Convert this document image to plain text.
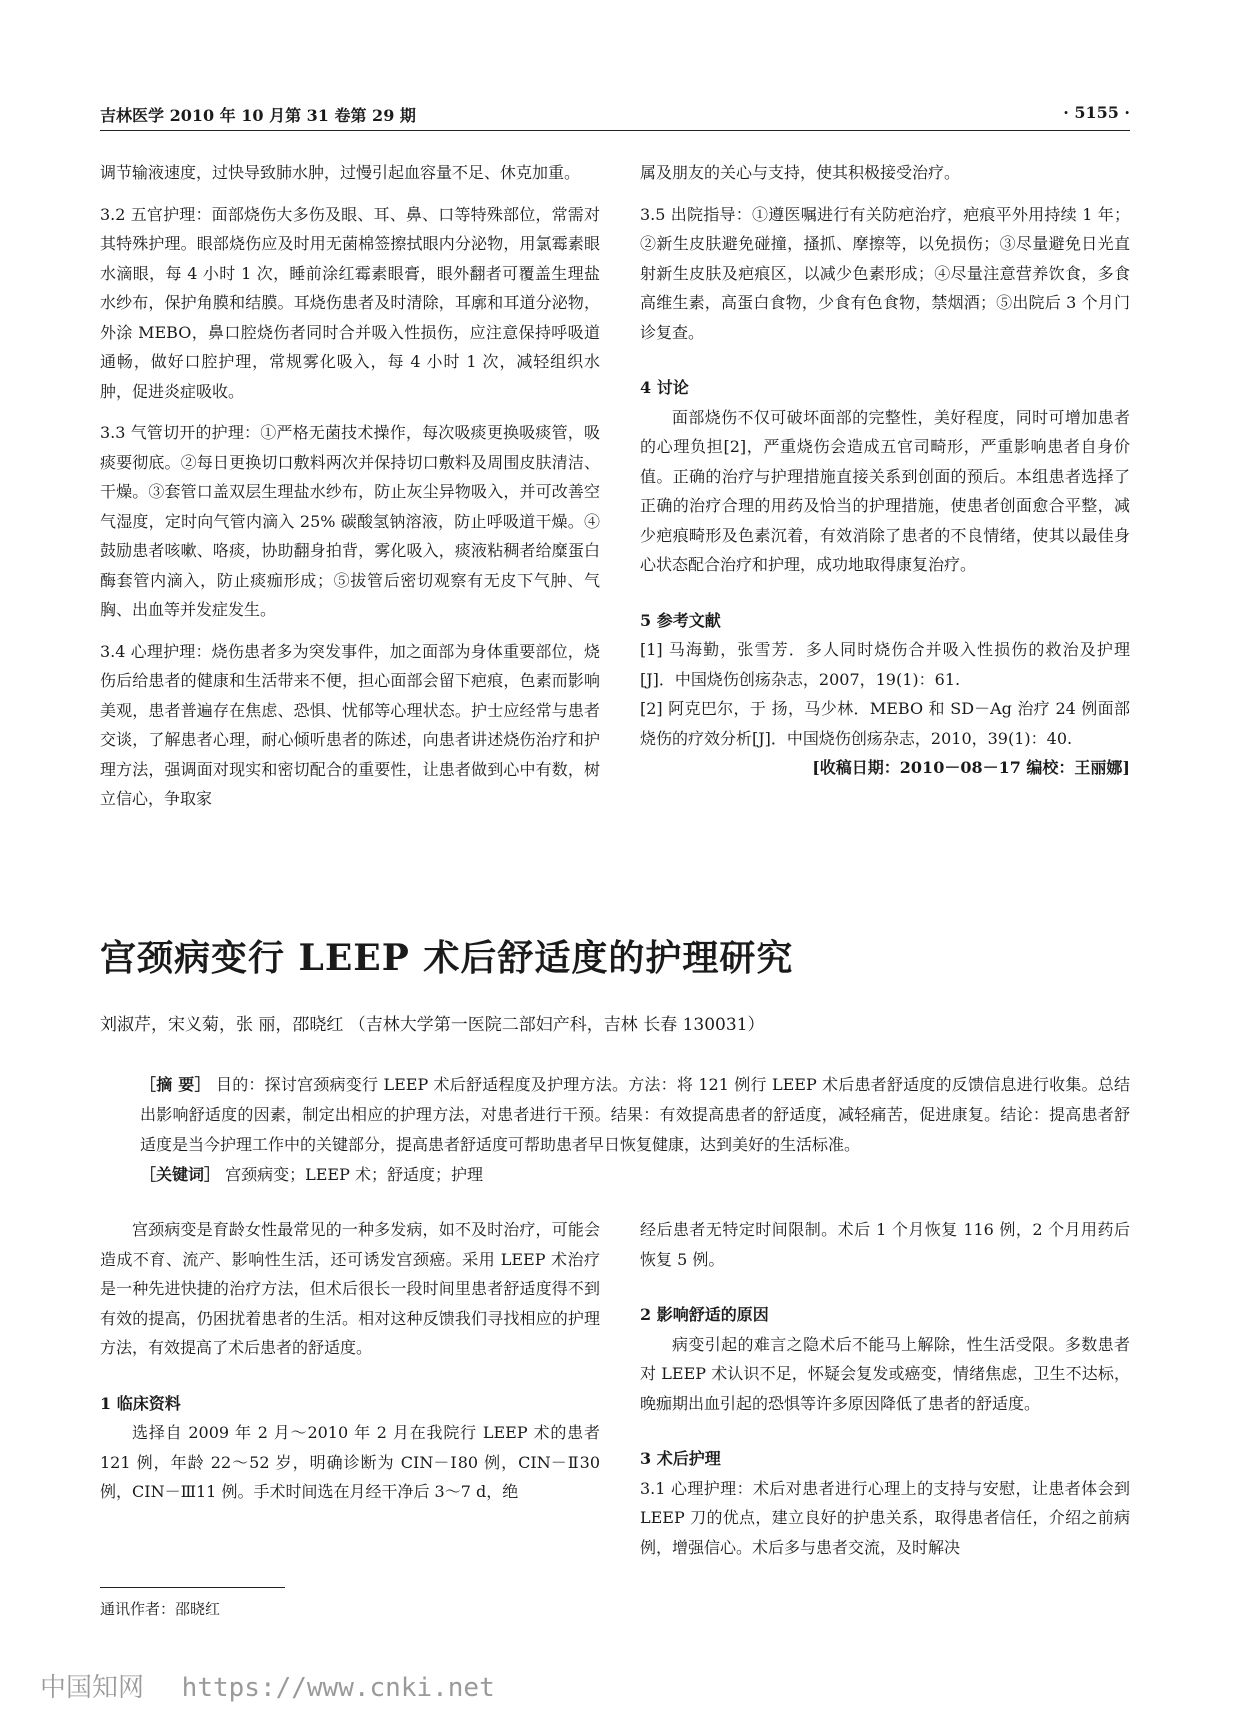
吉林医学 2010 年 10 月第 31 卷第 29 期	· 5155 ·

调节输液速度，过快导致肺水肿，过慢引起血容量不足、休克加重。

3.2 五官护理：面部烧伤大多伤及眼、耳、鼻、口等特殊部位，常需对其特殊护理。眼部烧伤应及时用无菌棉签擦拭眼内分泌物，用氯霉素眼水滴眼，每 4 小时 1 次，睡前涂红霉素眼膏，眼外翻者可覆盖生理盐水纱布，保护角膜和结膜。耳烧伤患者及时清除，耳廓和耳道分泌物，外涂 MEBO，鼻口腔烧伤者同时合并吸入性损伤，应注意保持呼吸道通畅，做好口腔护理，常规雾化吸入，每 4 小时 1 次，减轻组织水肿，促进炎症吸收。

3.3 气管切开的护理：①严格无菌技术操作，每次吸痰更换吸痰管，吸痰要彻底。②每日更换切口敷料两次并保持切口敷料及周围皮肤清洁、干燥。③套管口盖双层生理盐水纱布，防止灰尘异物吸入，并可改善空气湿度，定时向气管内滴入 25% 碳酸氢钠溶液，防止呼吸道干燥。④鼓励患者咳嗽、咯痰，协助翻身拍背，雾化吸入，痰液粘稠者给糜蛋白酶套管内滴入，防止痰痂形成；⑤拔管后密切观察有无皮下气肿、气胸、出血等并发症发生。

3.4 心理护理：烧伤患者多为突发事件，加之面部为身体重要部位，烧伤后给患者的健康和生活带来不便，担心面部会留下疤痕，色素而影响美观，患者普遍存在焦虑、恐惧、忧郁等心理状态。护士应经常与患者交谈，了解患者心理，耐心倾听患者的陈述，向患者讲述烧伤治疗和护理方法，强调面对现实和密切配合的重要性，让患者做到心中有数，树立信心，争取家

属及朋友的关心与支持，使其积极接受治疗。

3.5 出院指导：①遵医嘱进行有关防疤治疗，疤痕平外用持续 1 年；②新生皮肤避免碰撞，搔抓、摩擦等，以免损伤；③尽量避免日光直射新生皮肤及疤痕区，以减少色素形成；④尽量注意营养饮食，多食高维生素，高蛋白食物，少食有色食物，禁烟酒；⑤出院后 3 个月门诊复查。

4 讨论

面部烧伤不仅可破坏面部的完整性，美好程度，同时可增加患者的心理负担[2]，严重烧伤会造成五官司畸形，严重影响患者自身价值。正确的治疗与护理措施直接关系到创面的预后。本组患者选择了正确的治疗合理的用药及恰当的护理措施，使患者创面愈合平整，减少疤痕畸形及色素沉着，有效消除了患者的不良情绪，使其以最佳身心状态配合治疗和护理，成功地取得康复治疗。

5 参考文献

[1] 马海勤，张雪芳．多人同时烧伤合并吸入性损伤的救治及护理[J]．中国烧伤创疡杂志，2007，19(1)：61.

[2] 阿克巴尔，于 扬，马少林．MEBO 和 SD－Ag 治疗 24 例面部烧伤的疗效分析[J]．中国烧伤创疡杂志，2010，39(1)：40.

[收稿日期：2010－08－17 编校：王丽娜]

宫颈病变行 LEEP 术后舒适度的护理研究
刘淑芹，宋义菊，张 丽，邵晓红 （吉林大学第一医院二部妇产科，吉林 长春 130031）

［摘 要］ 目的：探讨宫颈病变行 LEEP 术后舒适程度及护理方法。方法：将 121 例行 LEEP 术后患者舒适度的反馈信息进行收集。总结出影响舒适度的因素，制定出相应的护理方法，对患者进行干预。结果：有效提高患者的舒适度，减轻痛苦，促进康复。结论：提高患者舒适度是当今护理工作中的关键部分，提高患者舒适度可帮助患者早日恢复健康，达到美好的生活标准。

［关键词］ 宫颈病变；LEEP 术；舒适度；护理

宫颈病变是育龄女性最常见的一种多发病，如不及时治疗，可能会造成不育、流产、影响性生活，还可诱发宫颈癌。采用 LEEP 术治疗是一种先进快捷的治疗方法，但术后很长一段时间里患者舒适度得不到有效的提高，仍困扰着患者的生活。相对这种反馈我们寻找相应的护理方法，有效提高了术后患者的舒适度。

1 临床资料

选择自 2009 年 2 月～2010 年 2 月在我院行 LEEP 术的患者 121 例，年龄 22～52 岁，明确诊断为 CIN－Ⅰ80 例，CIN－Ⅱ30 例，CIN－Ⅲ11 例。手术时间选在月经干净后 3～7 d，绝

经后患者无特定时间限制。术后 1 个月恢复 116 例，2 个月用药后恢复 5 例。

2 影响舒适的原因

病变引起的难言之隐术后不能马上解除，性生活受限。多数患者对 LEEP 术认识不足，怀疑会复发或癌变，情绪焦虑，卫生不达标，晚痂期出血引起的恐惧等许多原因降低了患者的舒适度。

3 术后护理

3.1 心理护理：术后对患者进行心理上的支持与安慰，让患者体会到 LEEP 刀的优点，建立良好的护患关系，取得患者信任，介绍之前病例，增强信心。术后多与患者交流，及时解决

通讯作者：邵晓红
中国知网 https://www.cnki.net
